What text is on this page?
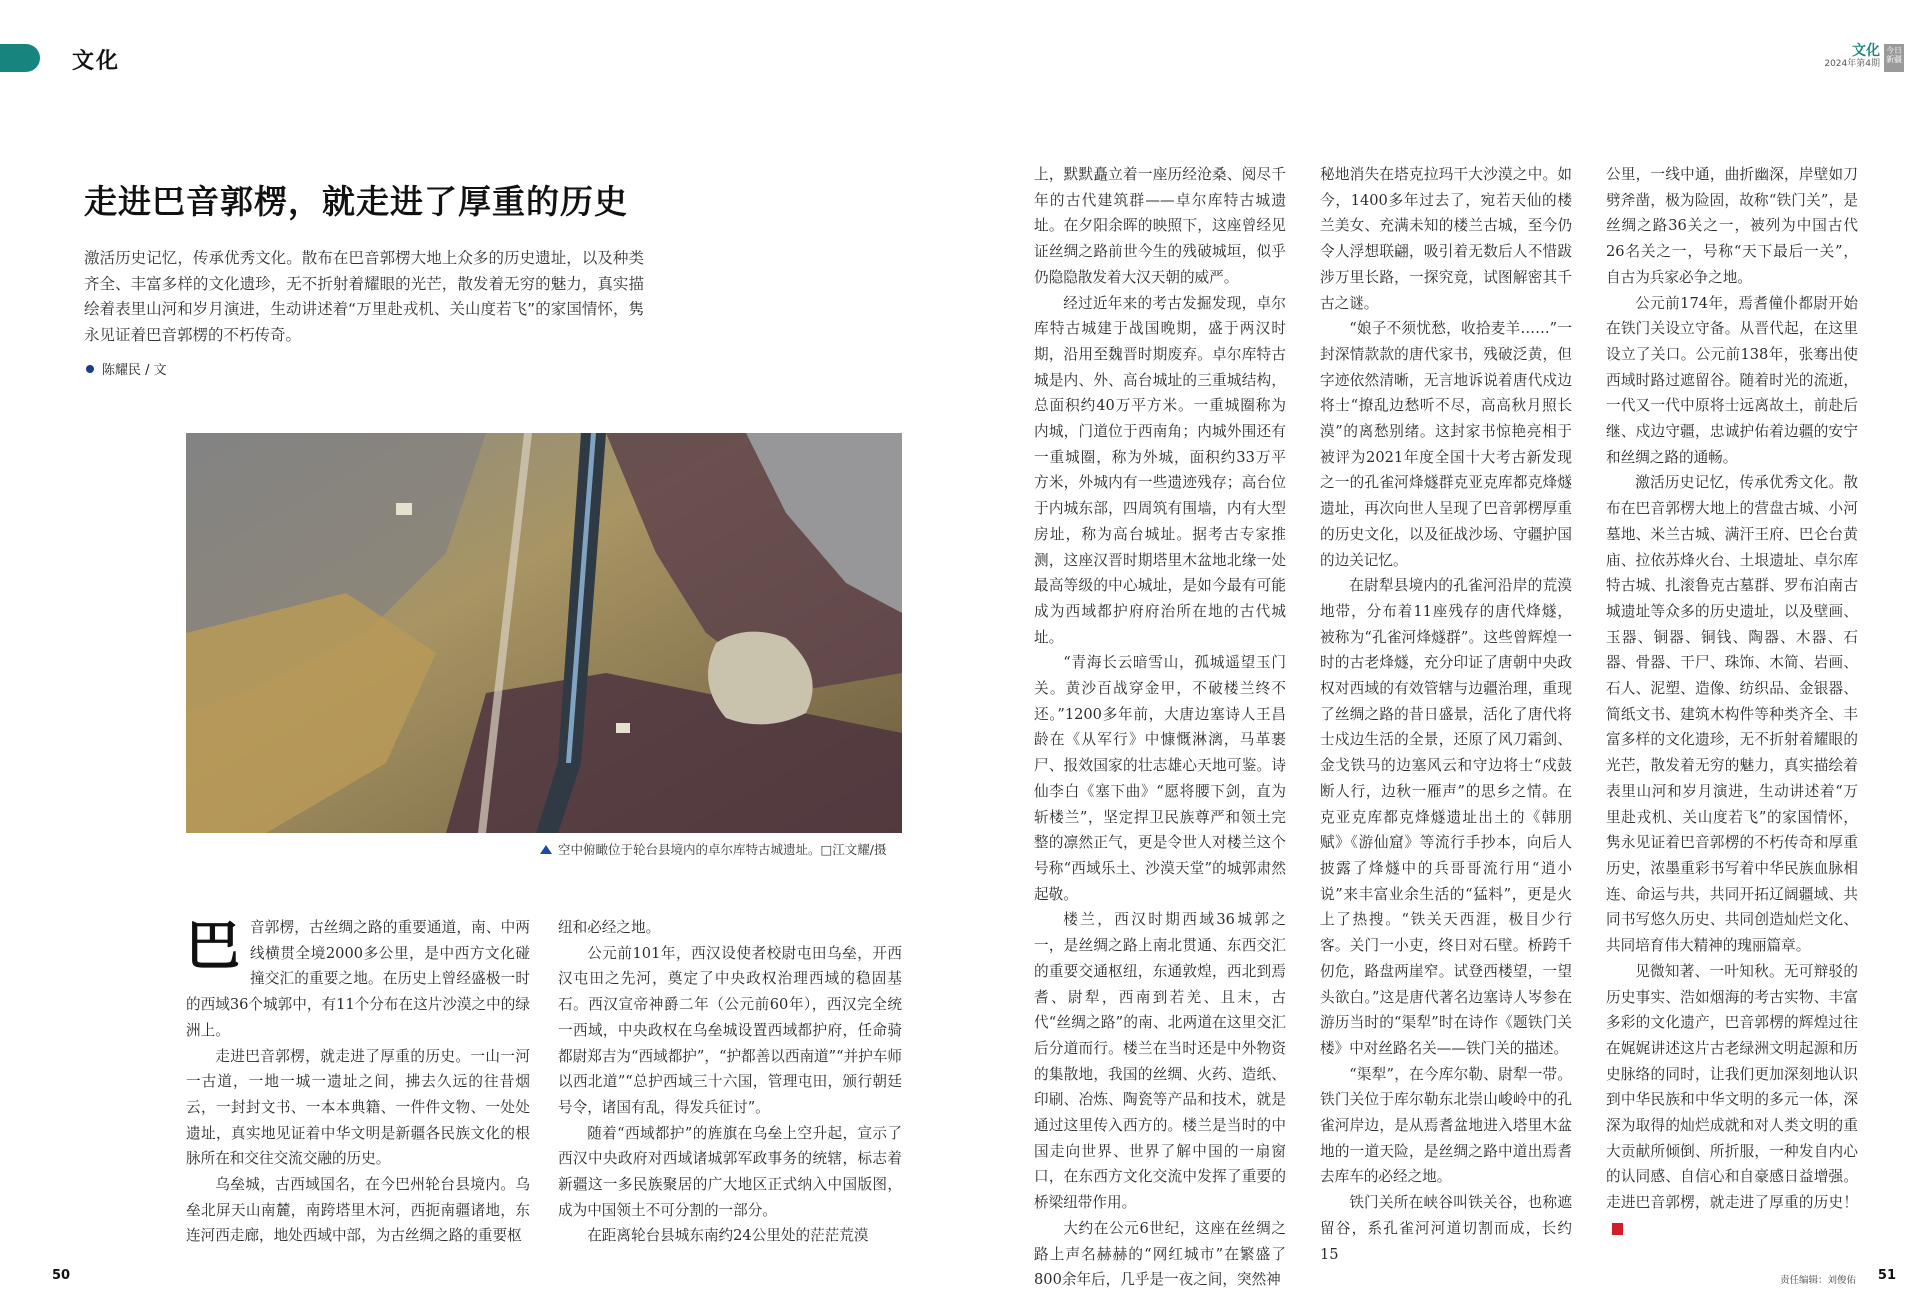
文化	文化
2024年第4期
今日
新疆
走进巴音郭楞，就走进了厚重的历史

激活历史记忆，传承优秀文化。散布在巴音郭楞大地上众多的历史遗址，以及种类齐全、丰富多样的文化遗珍，无不折射着耀眼的光芒，散发着无穷的魅力，真实描绘着表里山河和岁月演进，生动讲述着“万里赴戎机、关山度若飞”的家国情怀，隽永见证着巴音郭楞的不朽传奇。

陈耀民 / 文
空中俯瞰位于轮台县境内的卓尔库特古城遗址。□江文耀/摄

巴音郭楞，古丝绸之路的重要通道，南、中两线横贯全境2000多公里，是中西方文化碰撞交汇的重要之地。在历史上曾经盛极一时的西域36个城郭中，有11个分布在这片沙漠之中的绿洲上。

走进巴音郭楞，就走进了厚重的历史。一山一河一古道，一地一城一遗址之间，拂去久远的往昔烟云，一封封文书、一本本典籍、一件件文物、一处处遗址，真实地见证着中华文明是新疆各民族文化的根脉所在和交往交流交融的历史。

乌垒城，古西域国名，在今巴州轮台县境内。乌垒北屏天山南麓，南跨塔里木河，西扼南疆诸地，东连河西走廊，地处西域中部，为古丝绸之路的重要枢

纽和必经之地。

公元前101年，西汉设使者校尉屯田乌垒，开西汉屯田之先河，奠定了中央政权治理西域的稳固基石。西汉宣帝神爵二年（公元前60年），西汉完全统一西域，中央政权在乌垒城设置西域都护府，任命骑都尉郑吉为“西域都护”，“护都善以西南道”“并护车师以西北道”“总护西域三十六国，管理屯田，颁行朝廷号令，诸国有乱，得发兵征讨”。

随着“西域都护”的旌旗在乌垒上空升起，宣示了西汉中央政府对西域诸城郭军政事务的统辖，标志着新疆这一多民族聚居的广大地区正式纳入中国版图，成为中国领土不可分割的一部分。

在距离轮台县城东南约24公里处的茫茫荒漠

上，默默矗立着一座历经沧桑、阅尽千年的古代建筑群——卓尔库特古城遗址。在夕阳余晖的映照下，这座曾经见证丝绸之路前世今生的残破城垣，似乎仍隐隐散发着大汉天朝的威严。

经过近年来的考古发掘发现，卓尔库特古城建于战国晚期，盛于两汉时期，沿用至魏晋时期废弃。卓尔库特古城是内、外、高台城址的三重城结构，总面积约40万平方米。一重城圈称为内城，门道位于西南角；内城外围还有一重城圈，称为外城，面积约33万平方米，外城内有一些遗迹残存；高台位于内城东部，四周筑有围墙，内有大型房址，称为高台城址。据考古专家推测，这座汉晋时期塔里木盆地北缘一处最高等级的中心城址，是如今最有可能成为西域都护府府治所在地的古代城址。

“青海长云暗雪山，孤城遥望玉门关。黄沙百战穿金甲，不破楼兰终不还。”1200多年前，大唐边塞诗人王昌龄在《从军行》中慷慨淋漓，马革裹尸、报效国家的壮志雄心天地可鉴。诗仙李白《塞下曲》“愿将腰下剑，直为斩楼兰”，坚定捍卫民族尊严和领土完整的凛然正气，更是令世人对楼兰这个号称“西域乐土、沙漠天堂”的城郭肃然起敬。

楼兰，西汉时期西域36城郭之一，是丝绸之路上南北贯通、东西交汇的重要交通枢纽，东通敦煌，西北到焉耆、尉犁，西南到若羌、且末，古代“丝绸之路”的南、北两道在这里交汇后分道而行。楼兰在当时还是中外物资的集散地，我国的丝绸、火药、造纸、印刷、冶炼、陶瓷等产品和技术，就是通过这里传入西方的。楼兰是当时的中国走向世界、世界了解中国的一扇窗口，在东西方文化交流中发挥了重要的桥梁纽带作用。

大约在公元6世纪，这座在丝绸之路上声名赫赫的“网红城市”在繁盛了800余年后，几乎是一夜之间，突然神

秘地消失在塔克拉玛干大沙漠之中。如今，1400多年过去了，宛若天仙的楼兰美女、充满未知的楼兰古城，至今仍令人浮想联翩，吸引着无数后人不惜跋涉万里长路，一探究竟，试图解密其千古之谜。

“娘子不须忧愁，收拾麦羊……”一封深情款款的唐代家书，残破泛黄，但字迹依然清晰，无言地诉说着唐代戍边将士“撩乱边愁听不尽，高高秋月照长漠”的离愁别绪。这封家书惊艳亮相于被评为2021年度全国十大考古新发现之一的孔雀河烽燧群克亚克库都克烽燧遗址，再次向世人呈现了巴音郭楞厚重的历史文化，以及征战沙场、守疆护国的边关记忆。

在尉犁县境内的孔雀河沿岸的荒漠地带，分布着11座残存的唐代烽燧，被称为“孔雀河烽燧群”。这些曾辉煌一时的古老烽燧，充分印证了唐朝中央政权对西域的有效管辖与边疆治理，重现了丝绸之路的昔日盛景，活化了唐代将士戍边生活的全景，还原了风刀霜剑、金戈铁马的边塞风云和守边将士“戍鼓断人行，边秋一雁声”的思乡之情。在克亚克库都克烽燧遗址出土的《韩朋赋》《游仙窟》等流行手抄本，向后人披露了烽燧中的兵哥哥流行用“逍小说”来丰富业余生活的“猛料”，更是火上了热搜。“铁关天西涯，极目少行客。关门一小吏，终日对石壁。桥跨千仞危，路盘两崖窄。试登西楼望，一望头欲白。”这是唐代著名边塞诗人岑参在游历当时的“渠犁”时在诗作《题铁门关楼》中对丝路名关——铁门关的描述。

“渠犁”，在今库尔勒、尉犁一带。铁门关位于库尔勒东北崇山峻岭中的孔雀河岸边，是从焉耆盆地进入塔里木盆地的一道天险，是丝绸之路中道出焉耆去库车的必经之地。

铁门关所在峡谷叫铁关谷，也称遮留谷，系孔雀河河道切割而成，长约15

公里，一线中通，曲折幽深，岸壁如刀劈斧凿，极为险固，故称“铁门关”，是丝绸之路36关之一，被列为中国古代26名关之一，号称“天下最后一关”，自古为兵家必争之地。

公元前174年，焉耆僮仆都尉开始在铁门关设立守备。从晋代起，在这里设立了关口。公元前138年，张骞出使西域时路过遮留谷。随着时光的流逝，一代又一代中原将士远离故土，前赴后继、戍边守疆，忠诚护佑着边疆的安宁和丝绸之路的通畅。

激活历史记忆，传承优秀文化。散布在巴音郭楞大地上的营盘古城、小河墓地、米兰古城、满汗王府、巴仑台黄庙、拉依苏烽火台、土垠遗址、卓尔库特古城、扎滚鲁克古墓群、罗布泊南古城遗址等众多的历史遗址，以及壁画、玉器、铜器、铜钱、陶器、木器、石器、骨器、干尸、珠饰、木简、岩画、石人、泥塑、造像、纺织品、金银器、简纸文书、建筑木构件等种类齐全、丰富多样的文化遗珍，无不折射着耀眼的光芒，散发着无穷的魅力，真实描绘着表里山河和岁月演进，生动讲述着“万里赴戎机、关山度若飞”的家国情怀，隽永见证着巴音郭楞的不朽传奇和厚重历史，浓墨重彩书写着中华民族血脉相连、命运与共，共同开拓辽阔疆域、共同书写悠久历史、共同创造灿烂文化、共同培育伟大精神的瑰丽篇章。

见微知著、一叶知秋。无可辩驳的历史事实、浩如烟海的考古实物、丰富多彩的文化遗产，巴音郭楞的辉煌过往在娓娓讲述这片古老绿洲文明起源和历史脉络的同时，让我们更加深刻地认识到中华民族和中华文明的多元一体，深深为取得的灿烂成就和对人类文明的重大贡献所倾倒、所折服，一种发自内心的认同感、自信心和自豪感日益增强。走进巴音郭楞，就走进了厚重的历史！

50	责任编辑：刘俊佑 51
